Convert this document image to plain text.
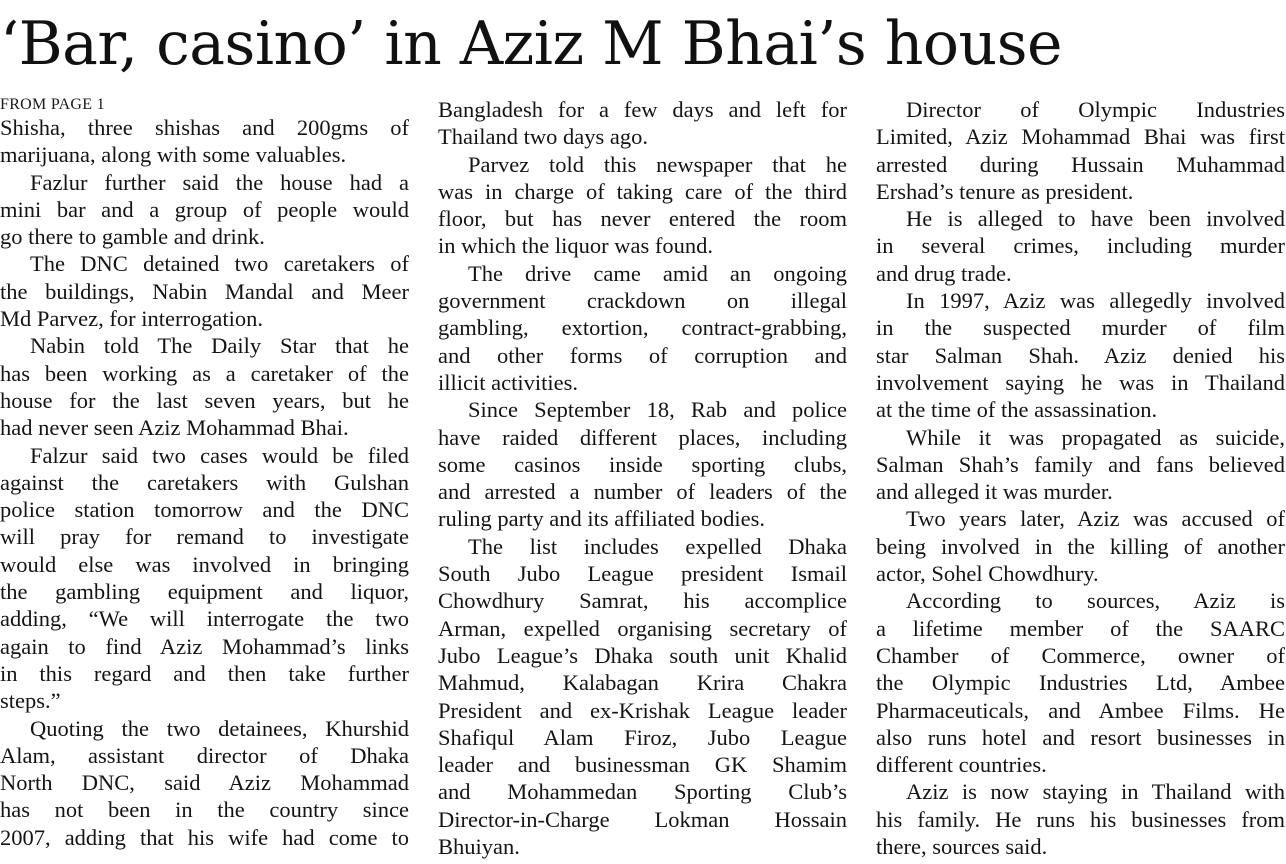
‘Bar, casino’ in Aziz M Bhai’s house
FROM PAGE 1
Shisha, three shishas and 200gms of
marijuana, along with some valuables.
Fazlur further said the house had a
mini bar and a group of people would
go there to gamble and drink.
The DNC detained two caretakers of
the buildings, Nabin Mandal and Meer
Md Parvez, for interrogation.
Nabin told The Daily Star that he
has been working as a caretaker of the
house for the last seven years, but he
had never seen Aziz Mohammad Bhai.
Falzur said two cases would be filed
against the caretakers with Gulshan
police station tomorrow and the DNC
will pray for remand to investigate
would else was involved in bringing
the gambling equipment and liquor,
adding, “We will interrogate the two
again to find Aziz Mohammad’s links
in this regard and then take further
steps.”
Quoting the two detainees, Khurshid
Alam, assistant director of Dhaka
North DNC, said Aziz Mohammad
has not been in the country since
2007, adding that his wife had come to
Bangladesh for a few days and left for
Thailand two days ago.
Parvez told this newspaper that he
was in charge of taking care of the third
floor, but has never entered the room
in which the liquor was found.
The drive came amid an ongoing
government crackdown on illegal
gambling, extortion, contract-grabbing,
and other forms of corruption and
illicit activities.
Since September 18, Rab and police
have raided different places, including
some casinos inside sporting clubs,
and arrested a number of leaders of the
ruling party and its affiliated bodies.
The list includes expelled Dhaka
South Jubo League president Ismail
Chowdhury Samrat, his accomplice
Arman, expelled organising secretary of
Jubo League’s Dhaka south unit Khalid
Mahmud, Kalabagan Krira Chakra
President and ex-Krishak League leader
Shafiqul Alam Firoz, Jubo League
leader and businessman GK Shamim
and Mohammedan Sporting Club’s
Director-in-Charge Lokman Hossain
Bhuiyan.
Director of Olympic Industries
Limited, Aziz Mohammad Bhai was first
arrested during Hussain Muhammad
Ershad’s tenure as president.
He is alleged to have been involved
in several crimes, including murder
and drug trade.
In 1997, Aziz was allegedly involved
in the suspected murder of film
star Salman Shah. Aziz denied his
involvement saying he was in Thailand
at the time of the assassination.
While it was propagated as suicide,
Salman Shah’s family and fans believed
and alleged it was murder.
Two years later, Aziz was accused of
being involved in the killing of another
actor, Sohel Chowdhury.
According to sources, Aziz is
a lifetime member of the SAARC
Chamber of Commerce, owner of
the Olympic Industries Ltd, Ambee
Pharmaceuticals, and Ambee Films. He
also runs hotel and resort businesses in
different countries.
Aziz is now staying in Thailand with
his family. He runs his businesses from
there, sources said.
